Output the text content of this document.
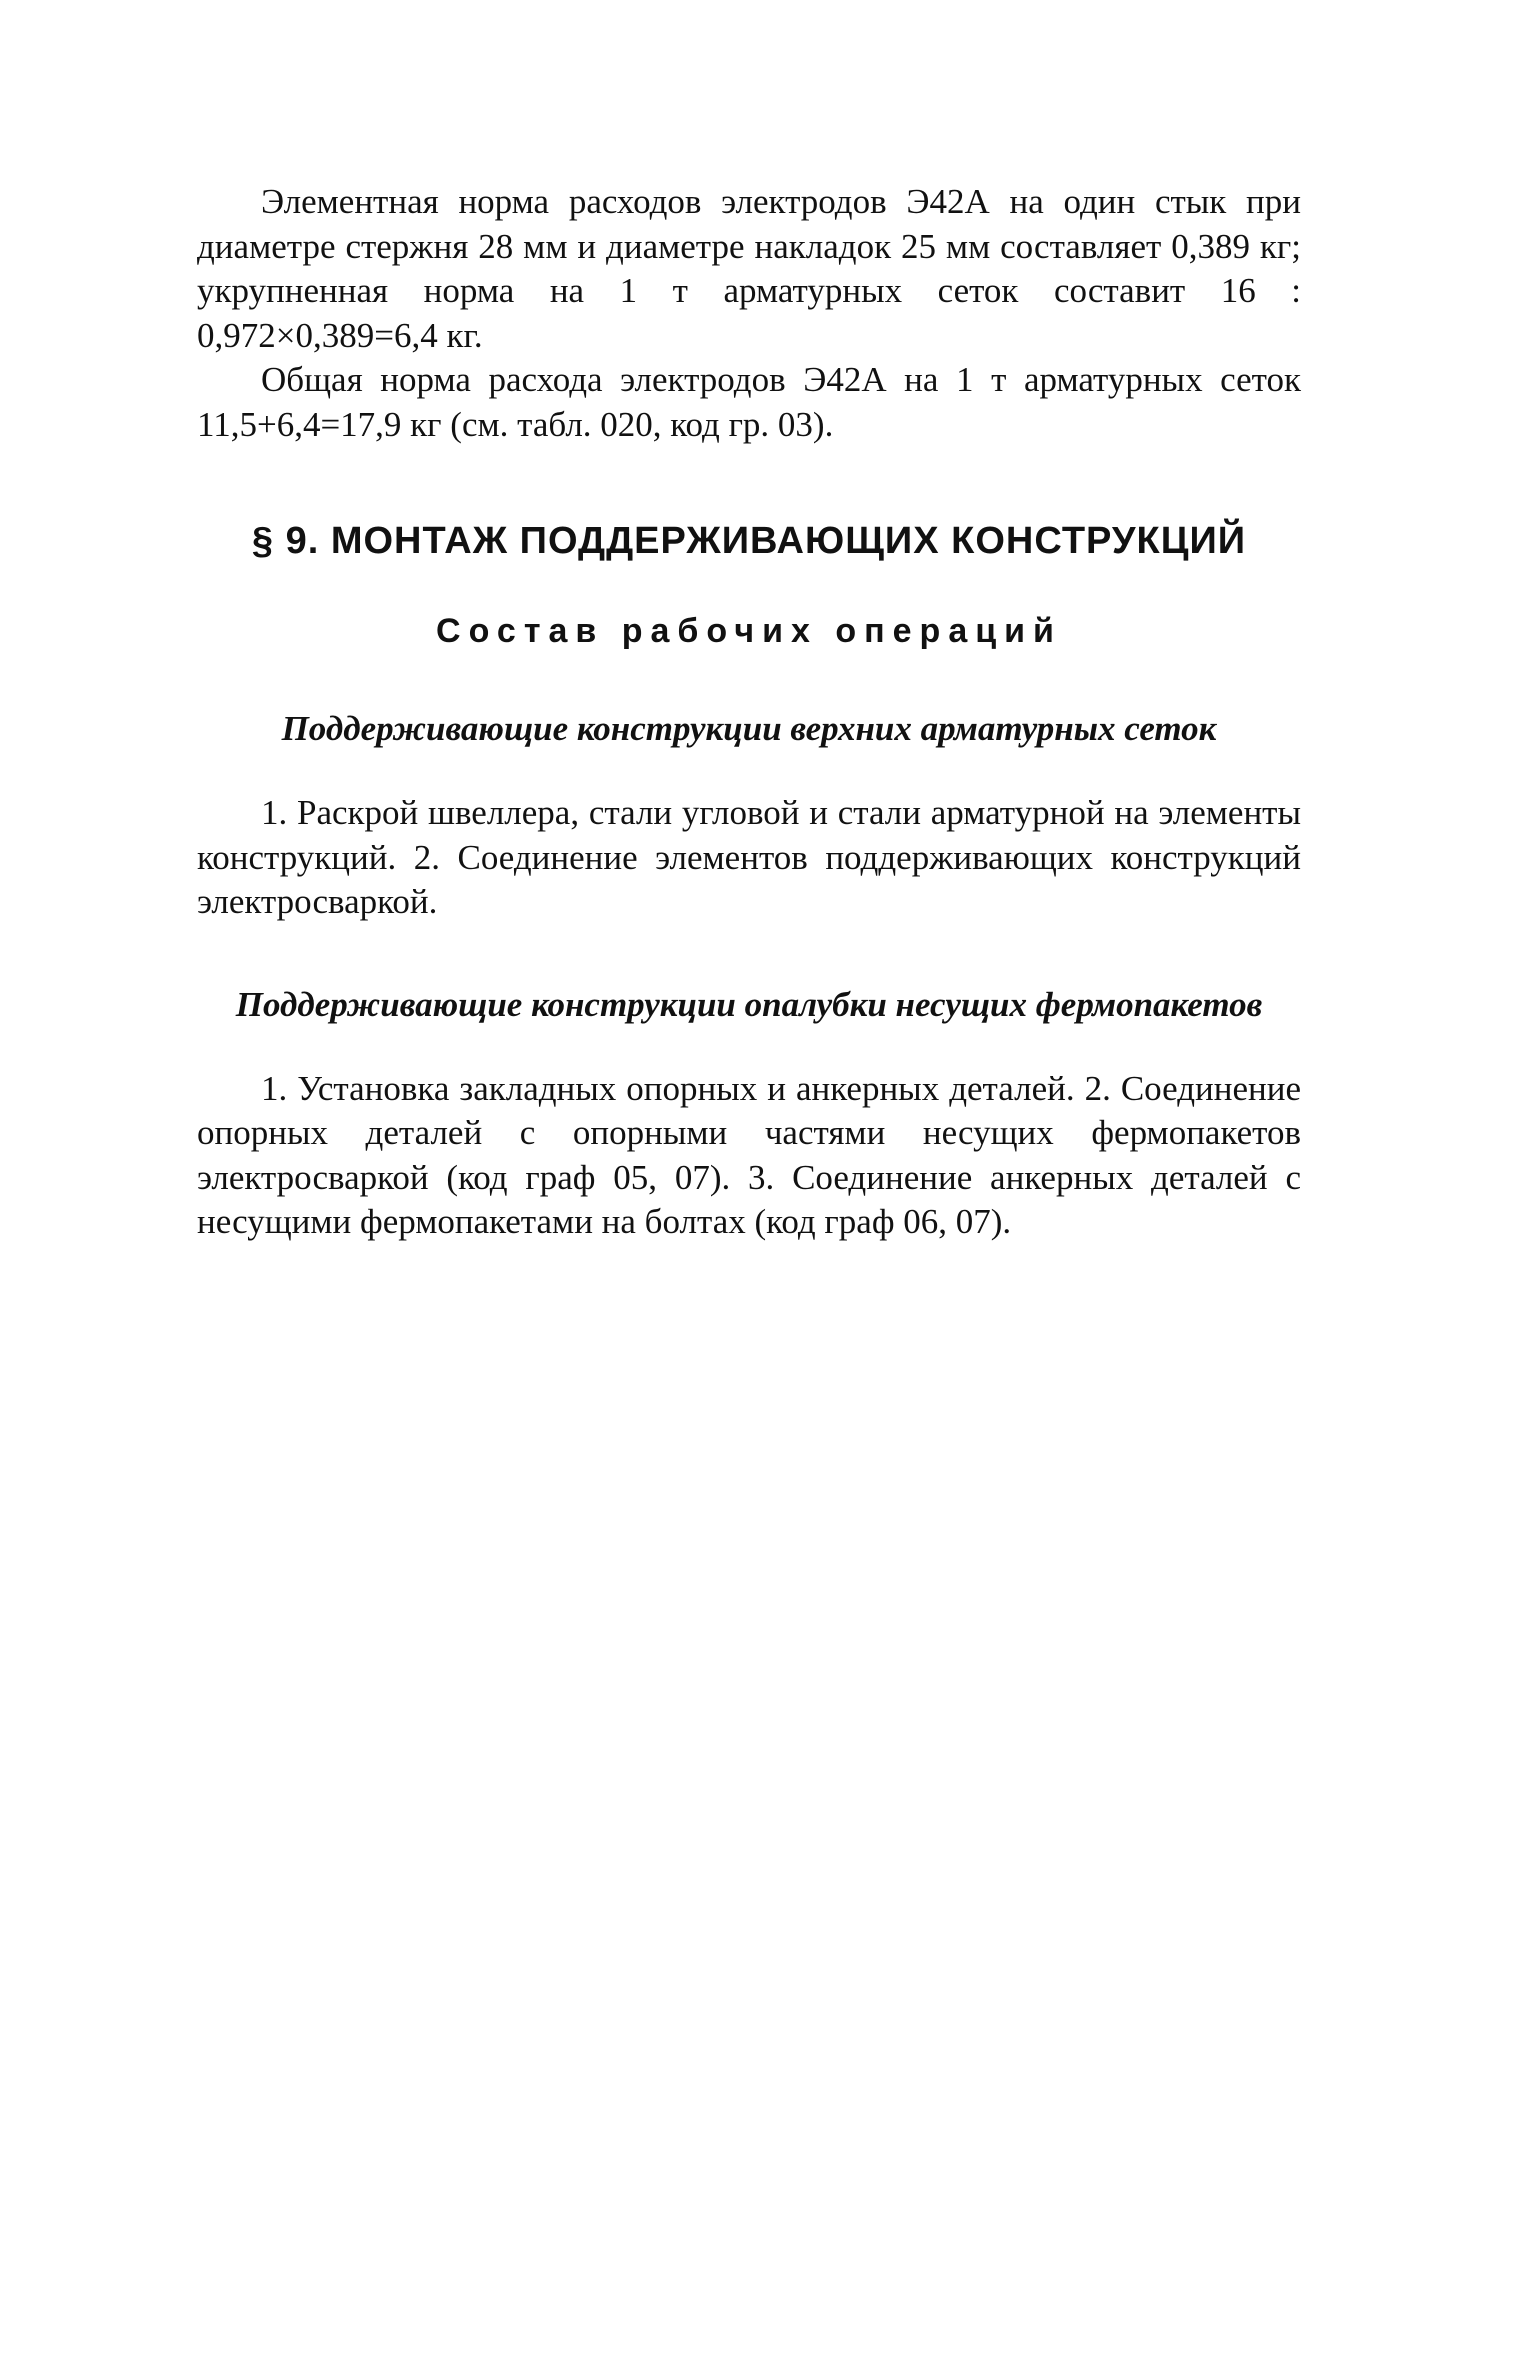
Элементная норма расходов электродов Э42А на один стык при диаметре стержня 28 мм и диаметре накладок 25 мм составляет 0,389 кг; укрупненная норма на 1 т арматурных сеток составит 16 : 0,972×0,389=6,4 кг.

Общая норма расхода электродов Э42А на 1 т арматурных сеток 11,5+6,4=17,9 кг (см. табл. 020, код гр. 03).

§ 9. МОНТАЖ ПОДДЕРЖИВАЮЩИХ КОНСТРУКЦИЙ
Состав рабочих операций
Поддерживающие конструкции верхних арматурных сеток

1. Раскрой швеллера, стали угловой и стали арматурной на элементы конструкций. 2. Соединение элементов поддерживающих конструкций электросваркой.

Поддерживающие конструкции опалубки несущих фермопакетов

1. Установка закладных опорных и анкерных деталей. 2. Соединение опорных деталей с опорными частями несущих фермопакетов электросваркой (код граф 05, 07). 3. Соединение анкерных деталей с несущими фермопакетами на болтах (код граф 06, 07).
